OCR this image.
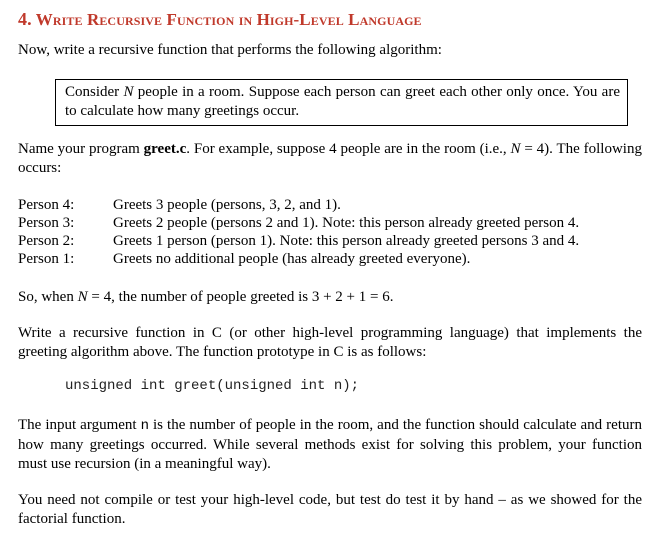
4. Write Recursive Function in High-Level Language

Now, write a recursive function that performs the following algorithm:

Consider N people in a room. Suppose each person can greet each other only once. You are to calculate how many greetings occur.

Name your program greet.c. For example, suppose 4 people are in the room (i.e., N = 4). The following occurs:

Person 4:	Greets 3 people (persons, 3, 2, and 1).
Person 3:	Greets 2 people (persons 2 and 1). Note: this person already greeted person 4.
Person 2:	Greets 1 person (person 1). Note: this person already greeted persons 3 and 4.
Person 1:	Greets no additional people (has already greeted everyone).

So, when N = 4, the number of people greeted is 3 + 2 + 1 = 6.

Write a recursive function in C (or other high-level programming language) that implements the greeting algorithm above. The function prototype in C is as follows:

unsigned int greet(unsigned int n);

The input argument n is the number of people in the room, and the function should calculate and return how many greetings occurred. While several methods exist for solving this problem, your function must use recursion (in a meaningful way).

You need not compile or test your high-level code, but test do test it by hand – as we showed for the factorial function.
